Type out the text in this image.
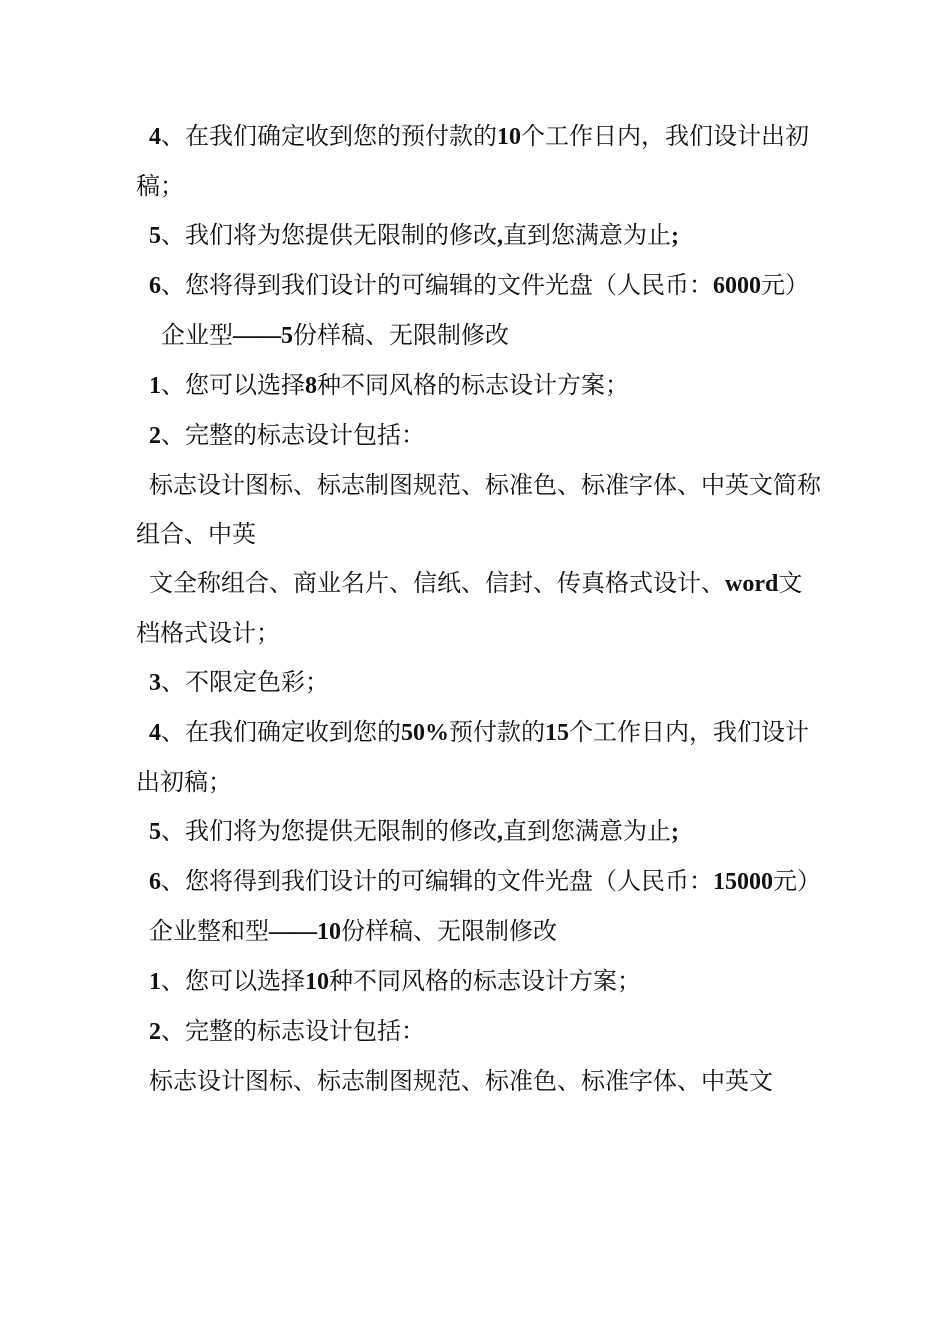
4、在我们确定收到您的预付款的10个工作日内，我们设计出初稿；

5、我们将为您提供无限制的修改,直到您满意为止;

6、您将得到我们设计的可编辑的文件光盘（人民币：6000元）

企业型——5份样稿、无限制修改

1、您可以选择8种不同风格的标志设计方案；

2、完整的标志设计包括：

标志设计图标、标志制图规范、标准色、标准字体、中英文简称组合、中英

文全称组合、商业名片、信纸、信封、传真格式设计、word文档格式设计；

3、不限定色彩；

4、在我们确定收到您的50%预付款的15个工作日内，我们设计出初稿；

5、我们将为您提供无限制的修改,直到您满意为止;

6、您将得到我们设计的可编辑的文件光盘（人民币：15000元）

企业整和型——10份样稿、无限制修改

1、您可以选择10种不同风格的标志设计方案；

2、完整的标志设计包括：

标志设计图标、标志制图规范、标准色、标准字体、中英文
